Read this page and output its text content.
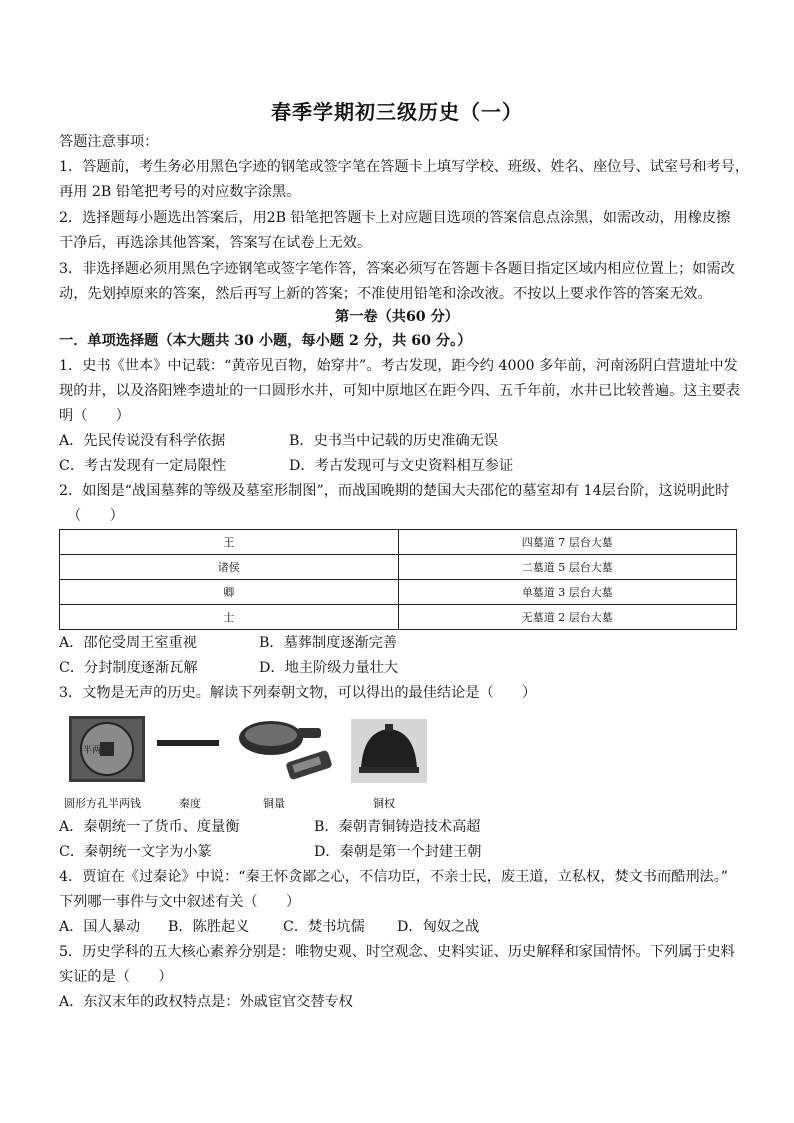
春季学期初三级历史（一）
答题注意事项：
1．答题前，考生务必用黑色字迹的钢笔或签字笔在答题卡上填写学校、班级、姓名、座位号、试室号和考号，
再用 2B 铅笔把考号的对应数字涂黑。
2．选择题每小题选出答案后，用2B 铅笔把答题卡上对应题目选项的答案信息点涂黑，如需改动，用橡皮擦
干净后，再选涂其他答案，答案写在试卷上无效。
3．非选择题必须用黑色字迹钢笔或签字笔作答，答案必须写在答题卡各题目指定区域内相应位置上；如需改
动，先划掉原来的答案，然后再写上新的答案；不准使用铅笔和涂改液。不按以上要求作答的答案无效。
第一卷（共60 分）
一．单项选择题（本大题共 30 小题，每小题 2 分，共 60 分。）
1．史书《世本》中记载：“黄帝见百物，始穿井”。考古发现，距今约 4000 多年前，河南汤阴白营遗址中发
现的井，以及洛阳矬李遗址的一口圆形水井，可知中原地区在距今四、五千年前，水井已比较普遍。这主要表
明（　　）
A．先民传说没有科学依据	B．史书当中记载的历史准确无误
C．考古发现有一定局限性	D．考古发现可与文史资料相互参证
2．如图是“战国墓葬的等级及墓室形制图”，而战国晚期的楚国大夫邵佗的墓室却有 14层台阶，这说明此时
（　　）
王	四墓道 7 层台大墓
诸侯	二墓道 5 层台大墓
卿	单墓道 3 层台大墓
士	无墓道 2 层台大墓
A．邵佗受周王室重视	B．墓葬制度逐渐完善
C．分封制度逐渐瓦解	D．地主阶级力量壮大
3．文物是无声的历史。解读下列秦朝文物，可以得出的最佳结论是（　　）
半两
圆形方孔半两钱	秦度	铜量	铜权
A．秦朝统一了货币、度量衡	B．秦朝青铜铸造技术高超
C．秦朝统一文字为小篆	D．秦朝是第一个封建王朝
4．贾谊在《过秦论》中说：“秦王怀贪鄙之心，不信功臣，不亲士民，废王道，立私权，焚文书而酷刑法。”
下列哪一事件与文中叙述有关（　　）
A．国人暴动 B．陈胜起义 C．焚书坑儒 D．匈奴之战
5．历史学科的五大核心素养分别是：唯物史观、时空观念、史料实证、历史解释和家国情怀。下列属于史料
实证的是（　　）
A．东汉末年的政权特点是：外戚宦官交替专权
